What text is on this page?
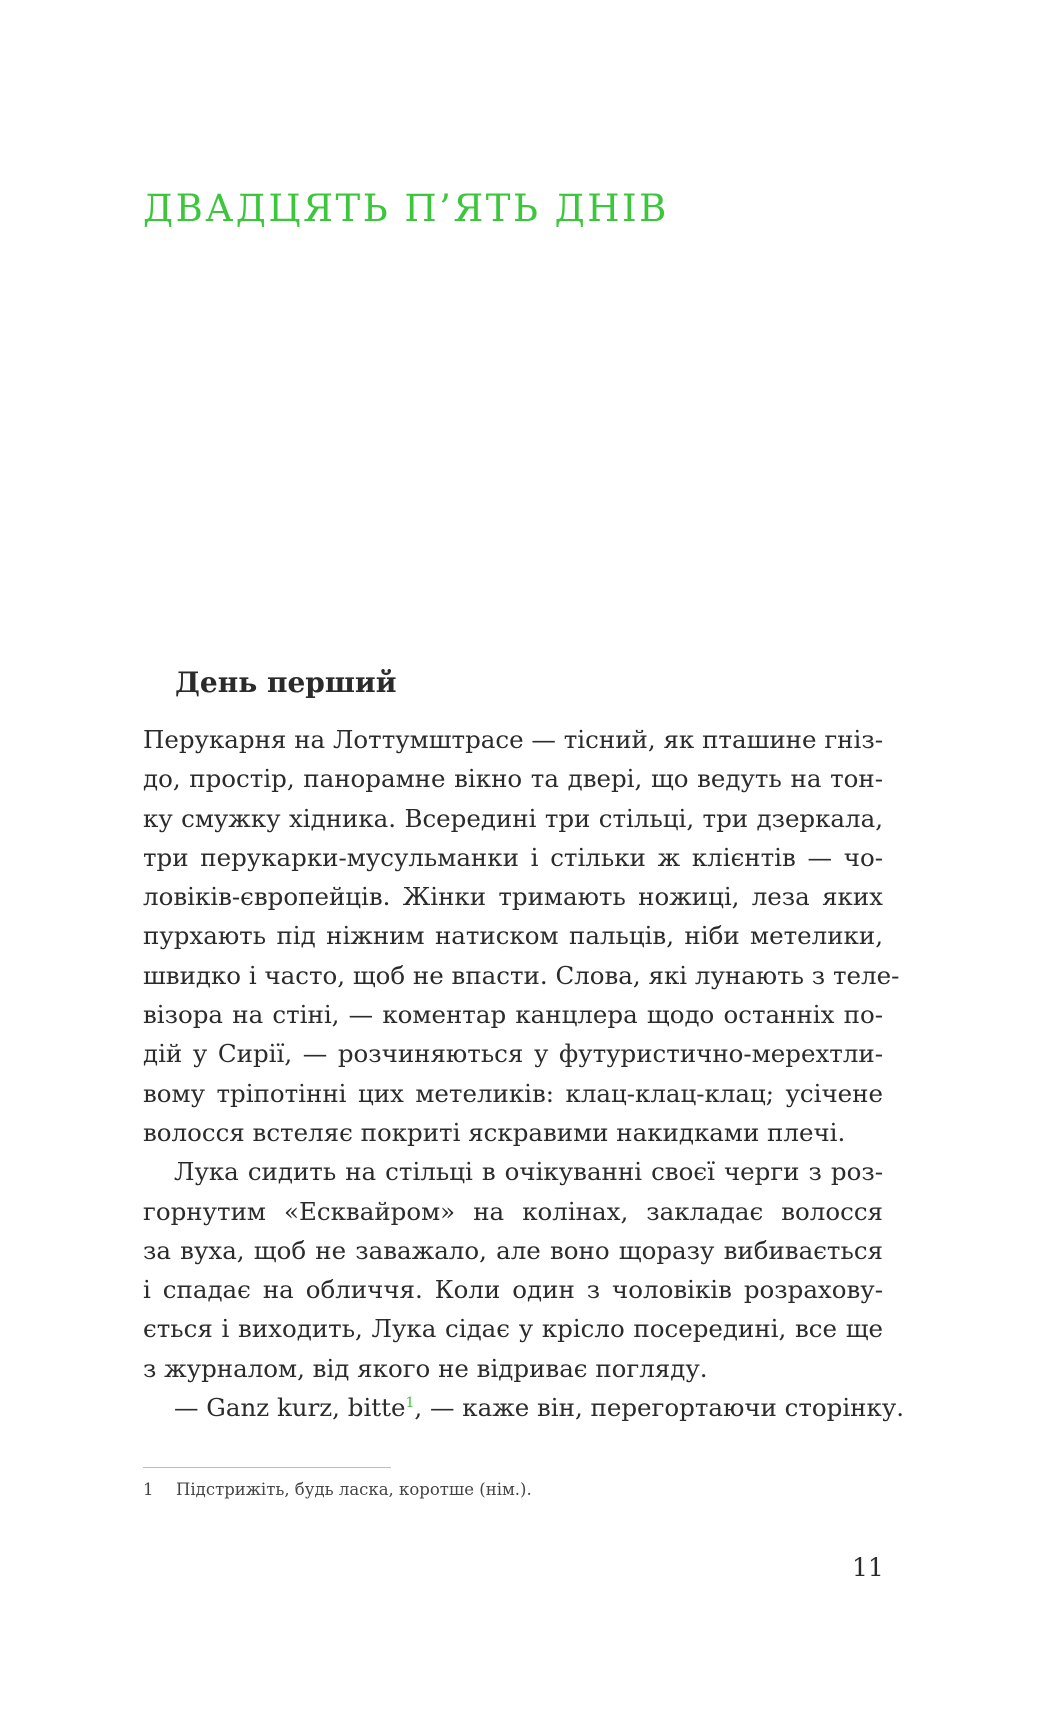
ДВАДЦЯТЬ П’ЯТЬ ДНІВ
День перший
Перукарня на Лоттумштрасе — тісний, як пташине гніз-
до, простір, панорамне вікно та двері, що ведуть на тон-
ку смужку хідника. Всередині три стільці, три дзеркала,
три перукарки-мусульманки і стільки ж клієнтів — чо-
ловіків-європейців. Жінки тримають ножиці, леза яких
пурхають під ніжним натиском пальців, ніби метелики,
швидко і часто, щоб не впасти. Слова, які лунають з теле-
візора на стіні, — коментар канцлера щодо останніх по-
дій у Сирії, — розчиняються у футуристично-мерехтли-
вому тріпотінні цих метеликів: клац-клац-клац; усічене
волосся встеляє покриті яскравими накидками плечі.
Лука сидить на стільці в очікуванні своєї черги з роз-
горнутим «Есквайром» на колінах, закладає волосся
за вуха, щоб не заважало, але воно щоразу вибивається
і спадає на обличчя. Коли один з чоловіків розрахову-
ється і виходить, Лука сідає у крісло посередині, все ще
з журналом, від якого не відриває погляду.
— Ganz kurz, bitte$^1$, — каже він, перегортаючи сторінку.
1 Підстрижіть, будь ласка, коротше (нім.).
11
